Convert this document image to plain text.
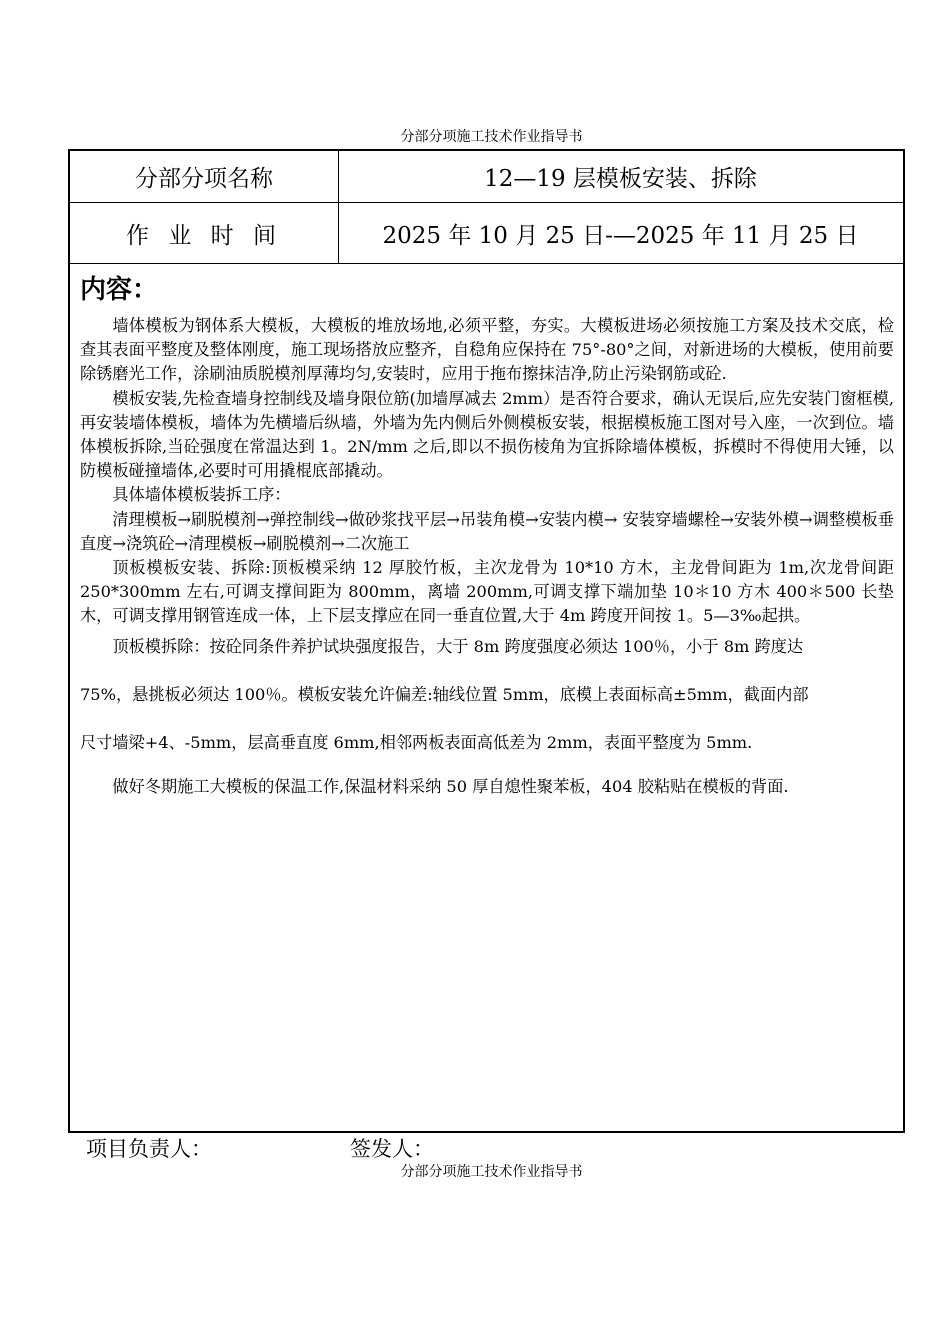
分部分项施工技术作业指导书
分部分项名称	12—19 层模板安装、拆除
作 业 时 间	2025 年 10 月 25 日-—2025 年 11 月 25 日
内容：

墙体模板为钢体系大模板，大模板的堆放场地,必须平整，夯实。大模板进场必须按施工方案及技术交底，检查其表面平整度及整体刚度，施工现场搭放应整齐，自稳角应保持在 75°-80°之间，对新进场的大模板，使用前要除锈磨光工作，涂刷油质脱模剂厚薄均匀,安装时，应用于拖布擦抹洁净,防止污染钢筋或砼.

模板安装,先检查墙身控制线及墙身限位筋(加墙厚减去 2mm）是否符合要求，确认无误后,应先安装门窗框模,再安装墙体模板，墙体为先横墙后纵墙，外墙为先内侧后外侧模板安装，根据模板施工图对号入座，一次到位。墙体模板拆除,当砼强度在常温达到 1。2N/mm 之后,即以不损伤棱角为宜拆除墙体模板，拆模时不得使用大锤，以防模板碰撞墙体,必要时可用撬棍底部撬动。

具体墙体模板装拆工序：

清理模板→刷脱模剂→弹控制线→做砂浆找平层→吊装角模→安装内模→ 安装穿墙螺栓→安装外模→调整模板垂直度→浇筑砼→清理模板→刷脱模剂→二次施工

顶板模板安装、拆除:顶板模采纳 12 厚胶竹板，主次龙骨为 10*10 方木，主龙骨间距为 1m,次龙骨间距 250*300mm 左右,可调支撑间距为 800mm，离墙 200mm,可调支撑下端加垫 10＊10 方木 400＊500 长垫木，可调支撑用钢管连成一体，上下层支撑应在同一垂直位置,大于 4m 跨度开间按 1。5—3‰起拱。

顶板模拆除：按砼同条件养护试块强度报告，大于 8m 跨度强度必须达 100％，小于 8m 跨度达

75%，悬挑板必须达 100％。模板安装允许偏差:轴线位置 5mm，底模上表面标高±5mm，截面内部

尺寸墙梁+4、-5mm，层高垂直度 6mm,相邻两板表面高低差为 2mm，表面平整度为 5mm.

做好冬期施工大模板的保温工作,保温材料采纳 50 厚自熄性聚苯板，404 胶粘贴在模板的背面.

项目负责人：	签发人：
分部分项施工技术作业指导书
